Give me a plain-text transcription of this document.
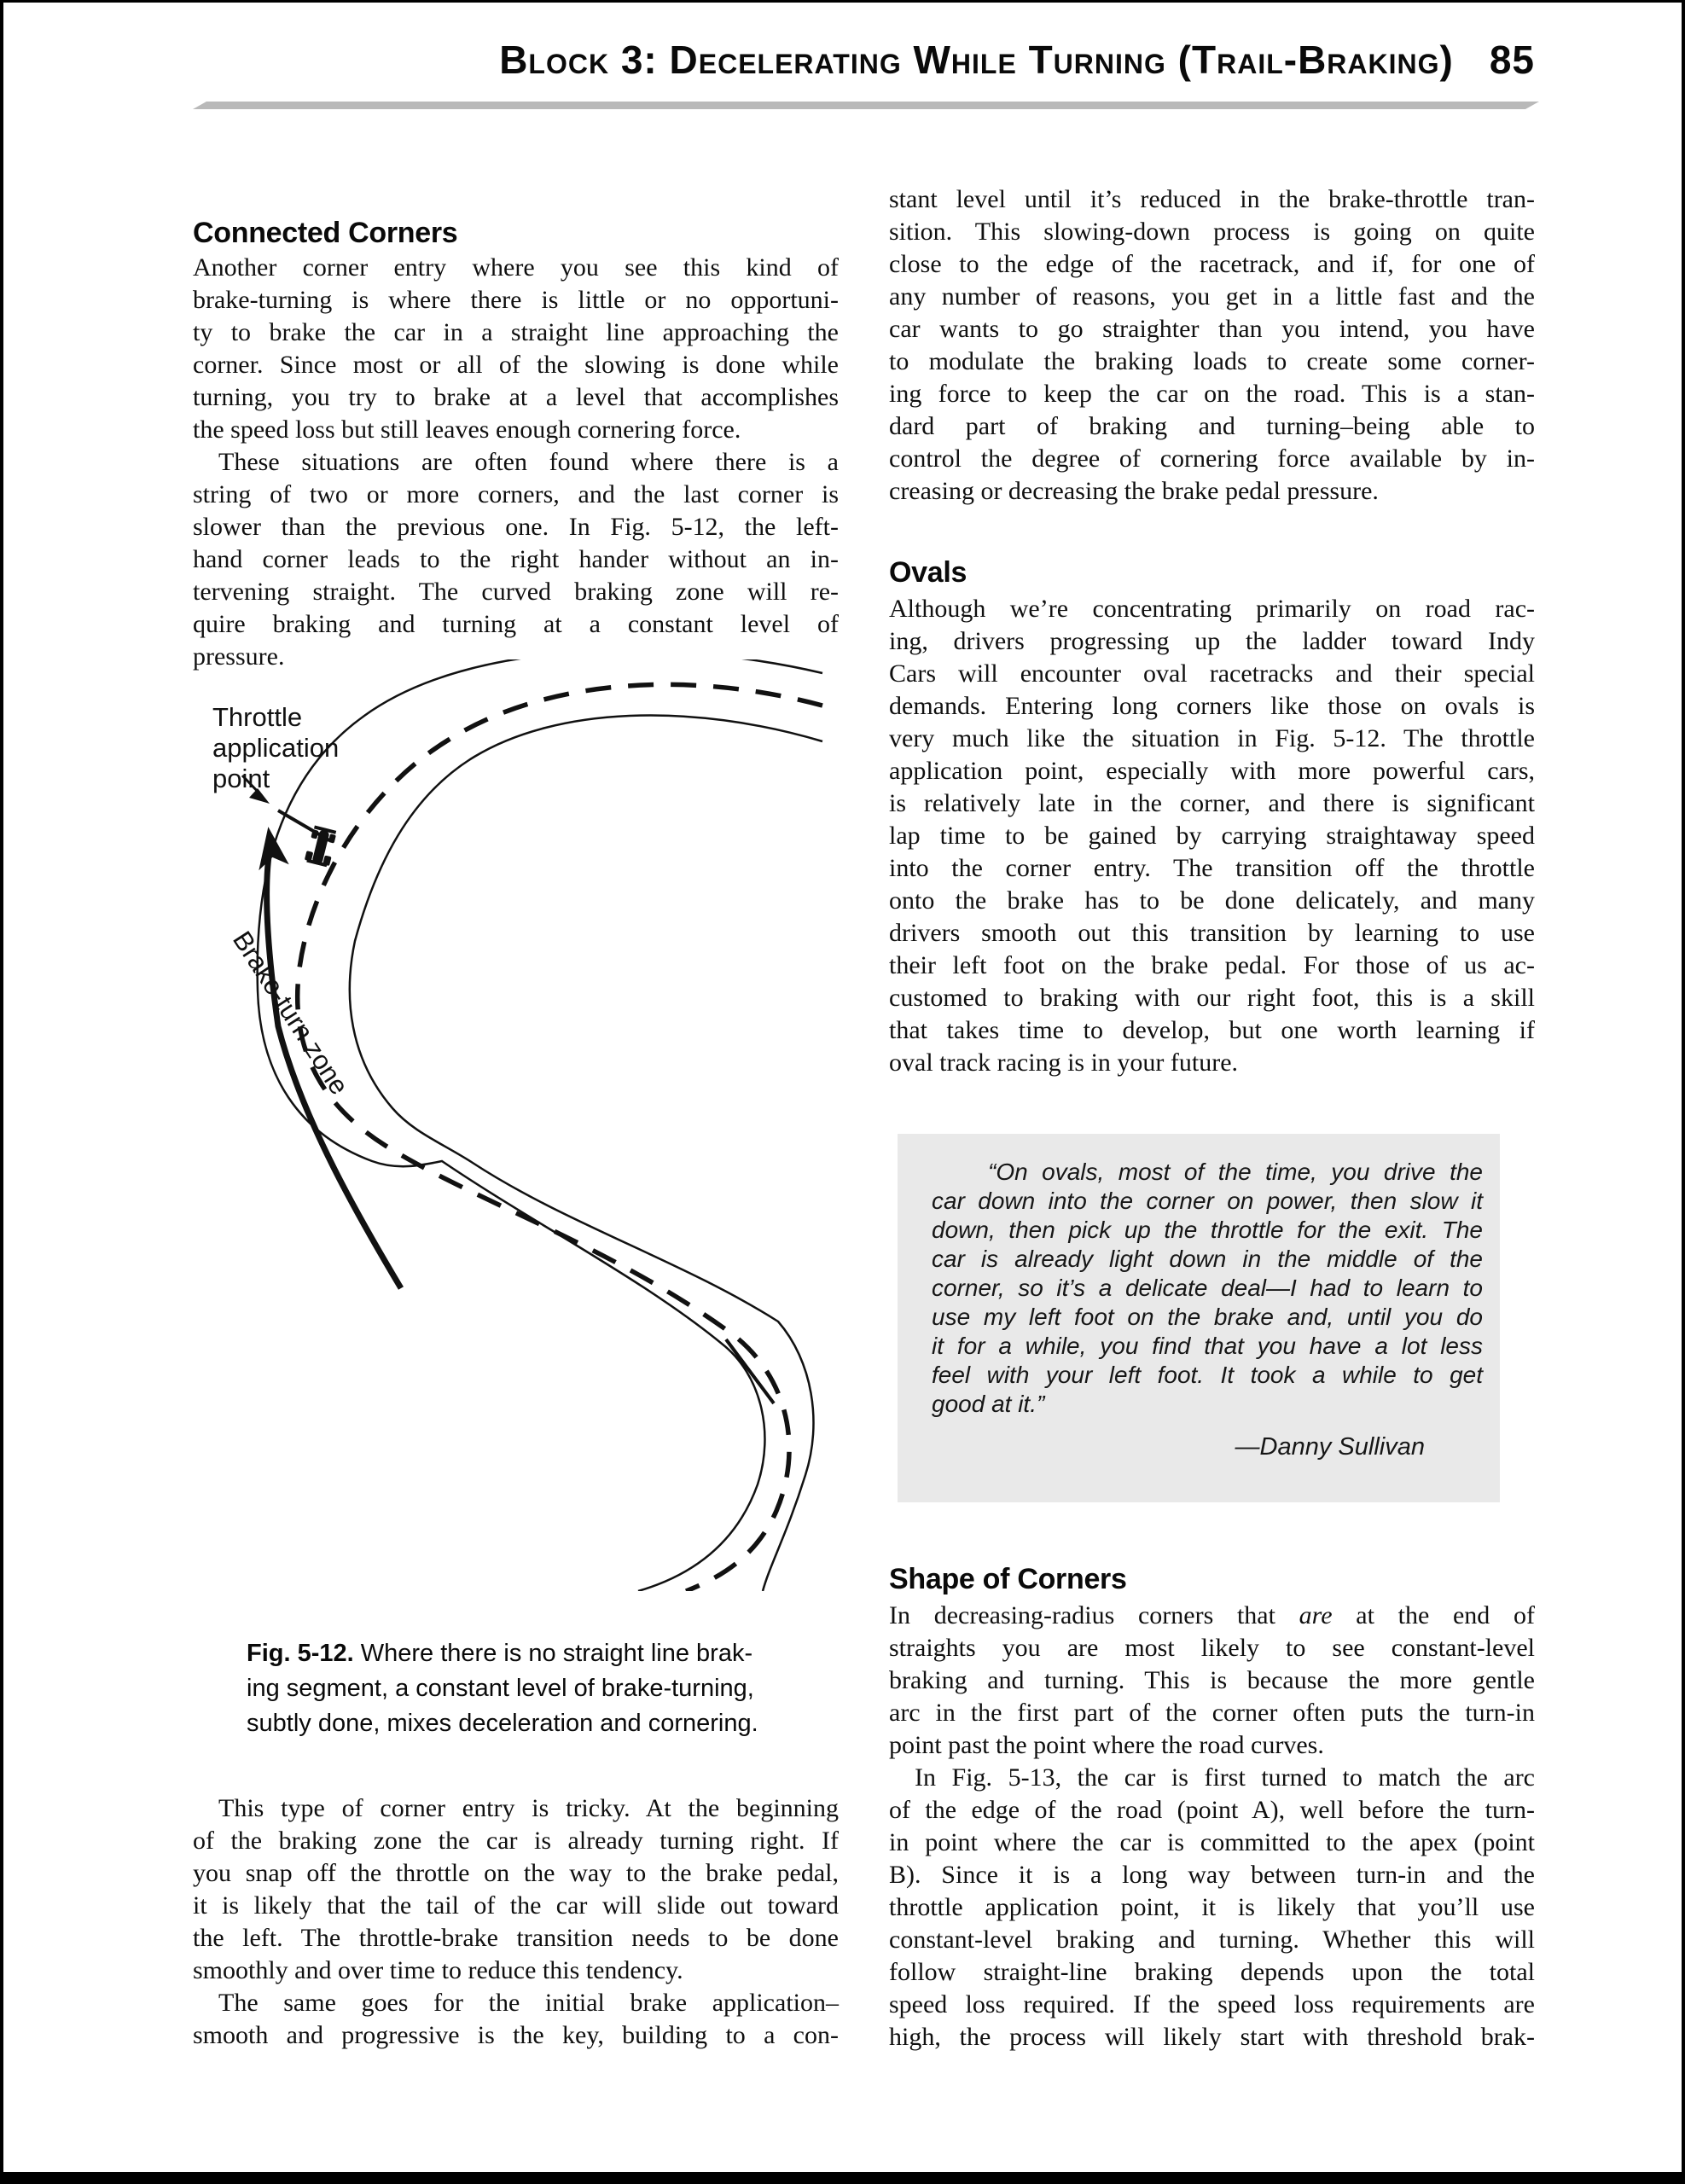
Block 3: Decelerating While Turning (Trail-Braking) 85
Connected Corners
Another corner entry where you see this kind of
brake-turning is where there is little or no opportuni-
ty to brake the car in a straight line approaching the
corner. Since most or all of the slowing is done while
turning, you try to brake at a level that accomplishes
the speed loss but still leaves enough cornering force.
These situations are often found where there is a
string of two or more corners, and the last corner is
slower than the previous one. In Fig. 5-12, the left-
hand corner leads to the right hander without an in-
tervening straight. The curved braking zone will re-
quire braking and turning at a constant level of
pressure.
This type of corner entry is tricky. At the beginning
of the braking zone the car is already turning right. If
you snap off the throttle on the way to the brake pedal,
it is likely that the tail of the car will slide out toward
the left. The throttle-brake transition needs to be done
smoothly and over time to reduce this tendency.
The same goes for the initial brake application–
smooth and progressive is the key, building to a con-
Throttle application point
Brake-turn zone
Fig. 5-12. Where there is no straight line brak-
ing segment, a constant level of brake-turning,
subtly done, mixes deceleration and cornering.
stant level until it’s reduced in the brake-throttle tran-
sition. This slowing-down process is going on quite
close to the edge of the racetrack, and if, for one of
any number of reasons, you get in a little fast and the
car wants to go straighter than you intend, you have
to modulate the braking loads to create some corner-
ing force to keep the car on the road. This is a stan-
dard part of braking and turning–being able to
control the degree of cornering force available by in-
creasing or decreasing the brake pedal pressure.
Ovals
Although we’re concentrating primarily on road rac-
ing, drivers progressing up the ladder toward Indy
Cars will encounter oval racetracks and their special
demands. Entering long corners like those on ovals is
very much like the situation in Fig. 5-12. The throttle
application point, especially with more powerful cars,
is relatively late in the corner, and there is significant
lap time to be gained by carrying straightaway speed
into the corner entry. The transition off the throttle
onto the brake has to be done delicately, and many
drivers smooth out this transition by learning to use
their left foot on the brake pedal. For those of us ac-
customed to braking with our right foot, this is a skill
that takes time to develop, but one worth learning if
oval track racing is in your future.
Shape of Corners
In decreasing-radius corners that are at the end of
straights you are most likely to see constant-level
braking and turning. This is because the more gentle
arc in the first part of the corner often puts the turn-in
point past the point where the road curves.
In Fig. 5-13, the car is first turned to match the arc
of the edge of the road (point A), well before the turn-
in point where the car is committed to the apex (point
B). Since it is a long way between turn-in and the
throttle application point, it is likely that you’ll use
constant-level braking and turning. Whether this will
follow straight-line braking depends upon the total
speed loss required. If the speed loss requirements are
high, the process will likely start with threshold brak-
“On ovals, most of the time, you drive the
car down into the corner on power, then slow it
down, then pick up the throttle for the exit. The
car is already light down in the middle of the
corner, so it’s a delicate deal—I had to learn to
use my left foot on the brake and, until you do
it for a while, you find that you have a lot less
feel with your left foot. It took a while to get
good at it.”
—Danny Sullivan
